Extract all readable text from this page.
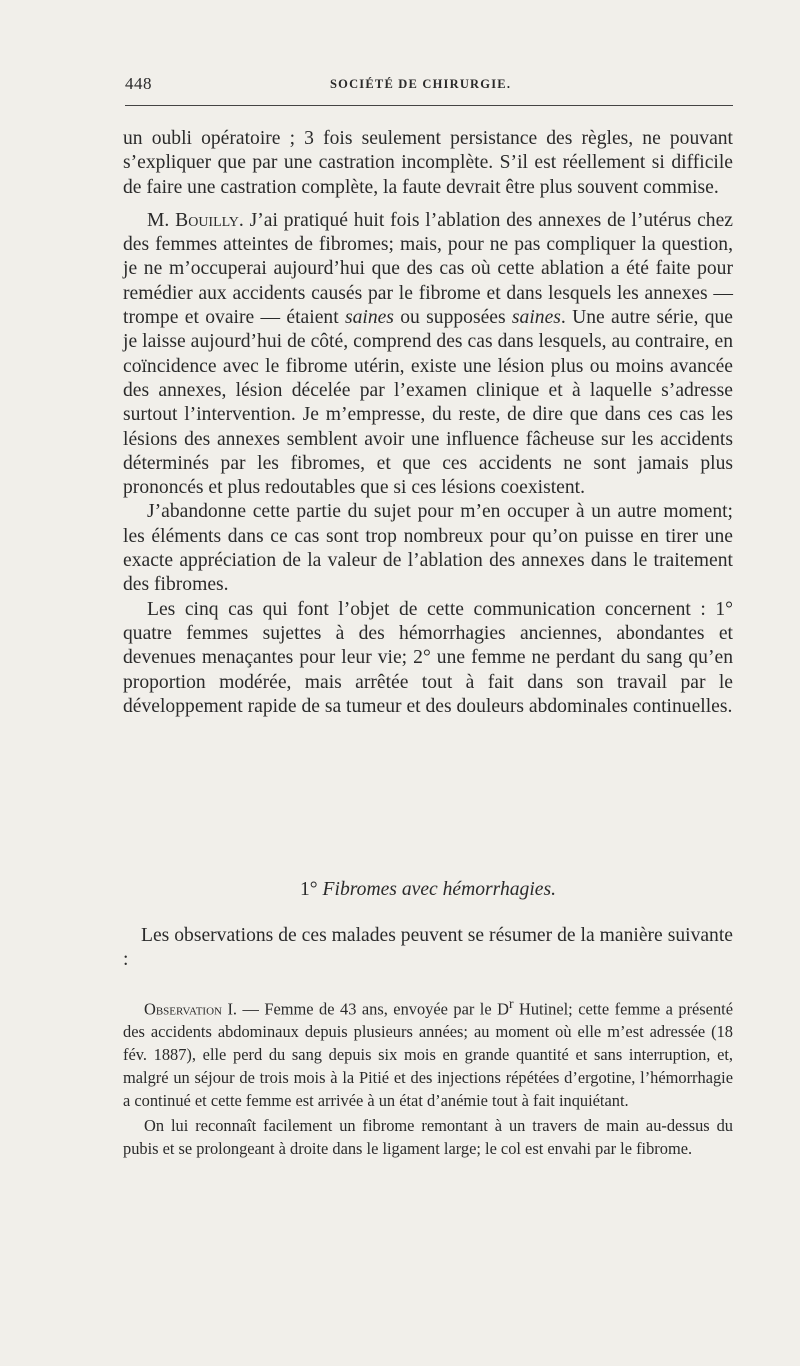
448	SOCIÉTÉ DE CHIRURGIE.

un oubli opératoire ; 3 fois seulement persistance des règles, ne pouvant s’expliquer que par une castration incomplète. S’il est réellement si difficile de faire une castration complète, la faute devrait être plus souvent commise.

M. Bouilly. J’ai pratiqué huit fois l’ablation des annexes de l’utérus chez des femmes atteintes de fibromes; mais, pour ne pas compliquer la question, je ne m’occuperai aujourd’hui que des cas où cette ablation a été faite pour remédier aux accidents causés par le fibrome et dans lesquels les annexes — trompe et ovaire — étaient saines ou supposées saines. Une autre série, que je laisse aujourd’hui de côté, comprend des cas dans lesquels, au contraire, en coïncidence avec le fibrome utérin, existe une lésion plus ou moins avancée des annexes, lésion décelée par l’examen clinique et à laquelle s’adresse surtout l’intervention. Je m’empresse, du reste, de dire que dans ces cas les lésions des annexes semblent avoir une influence fâcheuse sur les accidents déterminés par les fibromes, et que ces accidents ne sont jamais plus prononcés et plus redoutables que si ces lésions coexistent.

J’abandonne cette partie du sujet pour m’en occuper à un autre moment; les éléments dans ce cas sont trop nombreux pour qu’on puisse en tirer une exacte appréciation de la valeur de l’ablation des annexes dans le traitement des fibromes.

Les cinq cas qui font l’objet de cette communication concernent : 1° quatre femmes sujettes à des hémorrhagies anciennes, abondantes et devenues menaçantes pour leur vie; 2° une femme ne perdant du sang qu’en proportion modérée, mais arrêtée tout à fait dans son travail par le développement rapide de sa tumeur et des douleurs abdominales continuelles.

1° Fibromes avec hémorrhagies.

Les observations de ces malades peuvent se résumer de la manière suivante :

Observation I. — Femme de 43 ans, envoyée par le $D^r$ Hutinel; cette femme a présenté des accidents abdominaux depuis plusieurs années; au moment où elle m’est adressée (18 fév. 1887), elle perd du sang depuis six mois en grande quantité et sans interruption, et, malgré un séjour de trois mois à la Pitié et des injections répétées d’ergotine, l’hémorrhagie a continué et cette femme est arrivée à un état d’anémie tout à fait inquiétant.

On lui reconnaît facilement un fibrome remontant à un travers de main au-dessus du pubis et se prolongeant à droite dans le ligament large; le col est envahi par le fibrome.
